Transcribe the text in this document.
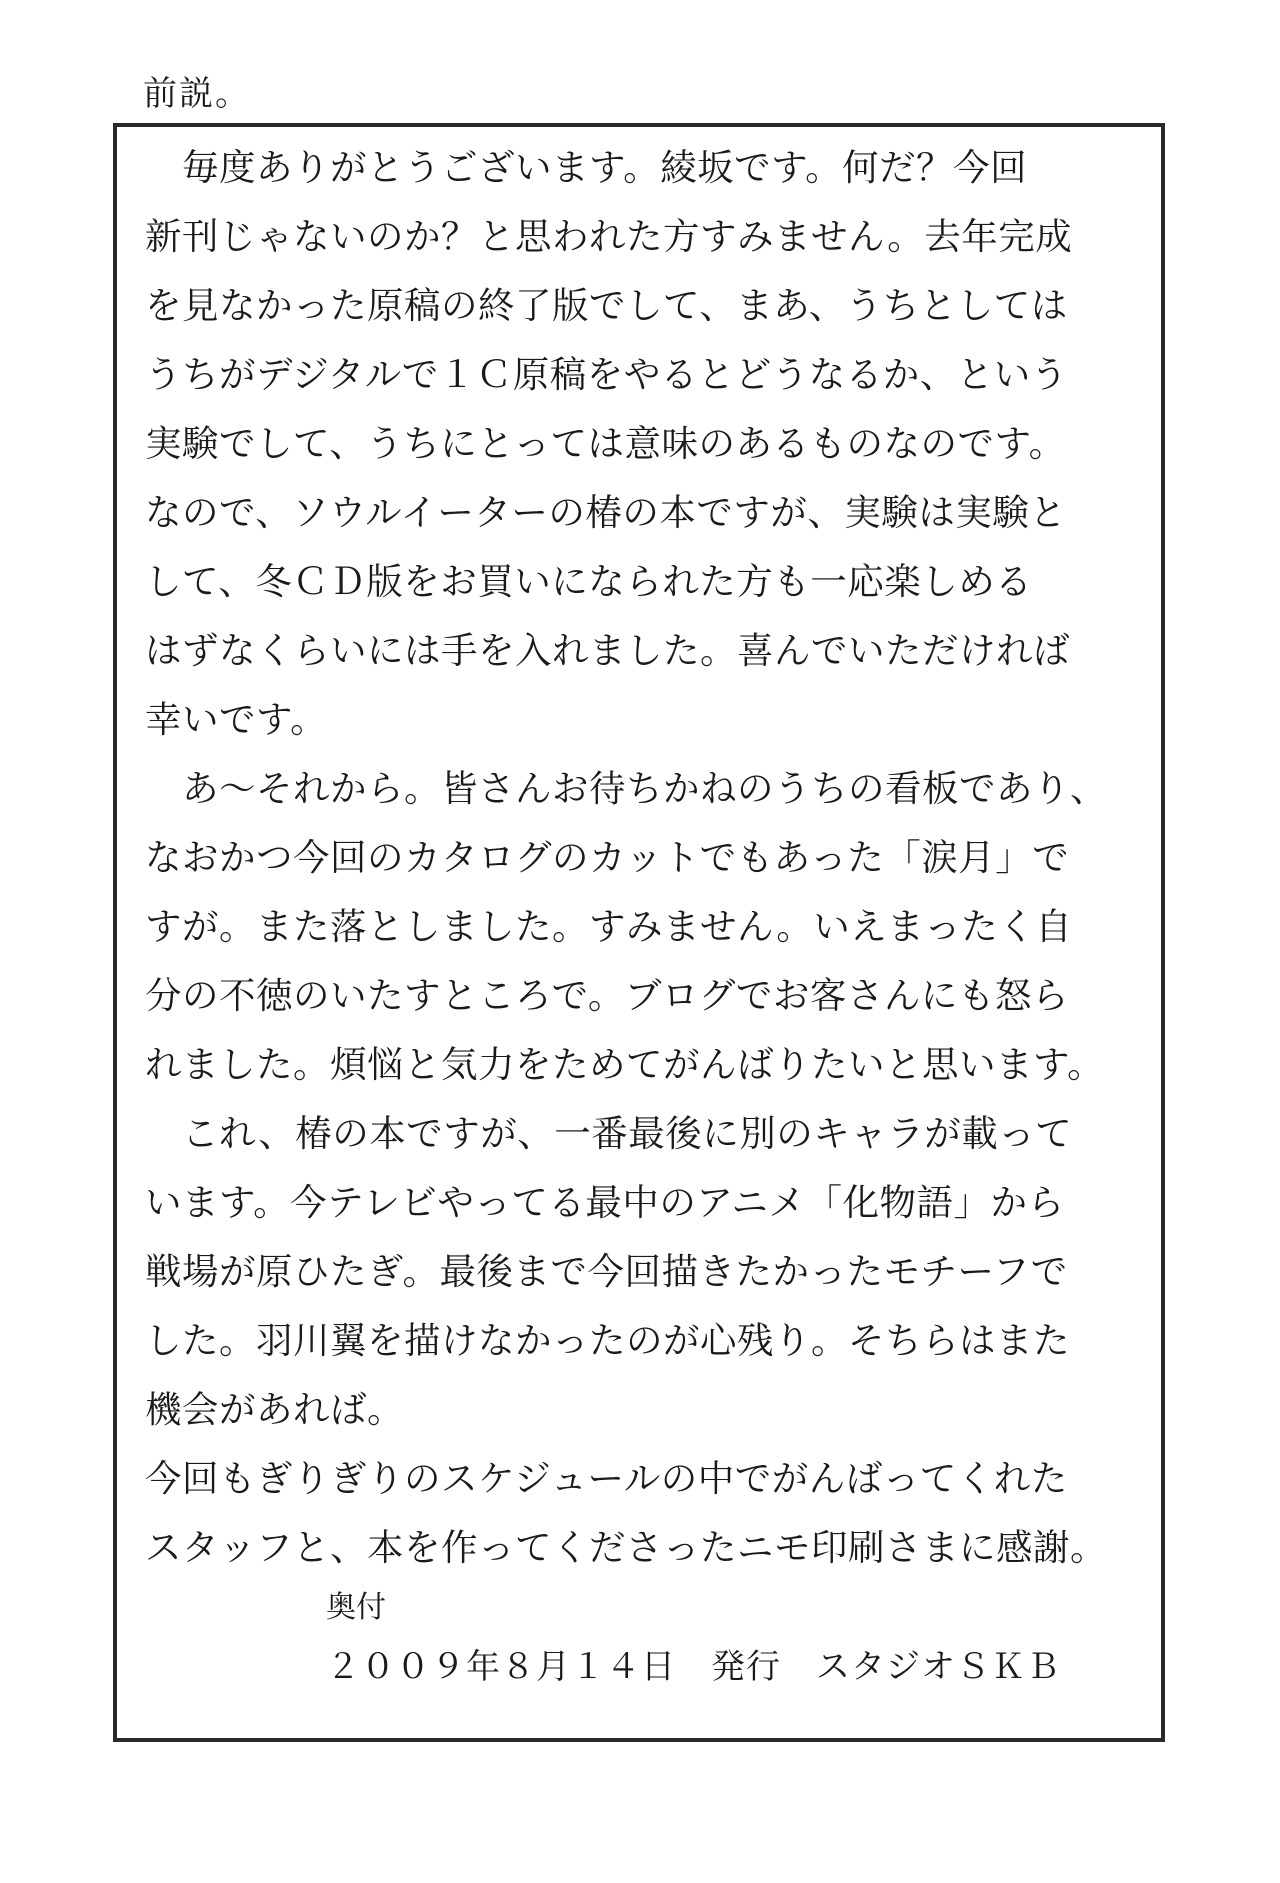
前説。
　毎度ありがとうございます。綾坂です。何だ？今回
新刊じゃないのか？と思われた方すみません。去年完成
を見なかった原稿の終了版でして、まあ、うちとしては
うちがデジタルで１Ｃ原稿をやるとどうなるか、という
実験でして、うちにとっては意味のあるものなのです。
なので、ソウルイーターの椿の本ですが、実験は実験と
して、冬ＣＤ版をお買いになられた方も一応楽しめる
はずなくらいには手を入れました。喜んでいただければ
幸いです。
　あ～それから。皆さんお待ちかねのうちの看板であり、
なおかつ今回のカタログのカットでもあった「涙月」で
すが。また落としました。すみません。いえまったく自
分の不徳のいたすところで。ブログでお客さんにも怒ら
れました。煩悩と気力をためてがんばりたいと思います。
　これ、椿の本ですが、一番最後に別のキャラが載って
います。今テレビやってる最中のアニメ「化物語」から
戦場が原ひたぎ。最後まで今回描きたかったモチーフで
した。羽川翼を描けなかったのが心残り。そちらはまた
機会があれば。
今回もぎりぎりのスケジュールの中でがんばってくれた
スタッフと、本を作ってくださったニモ印刷さまに感謝。
奥付
２００９年８月１４日　発行　スタジオＳＫＢ
